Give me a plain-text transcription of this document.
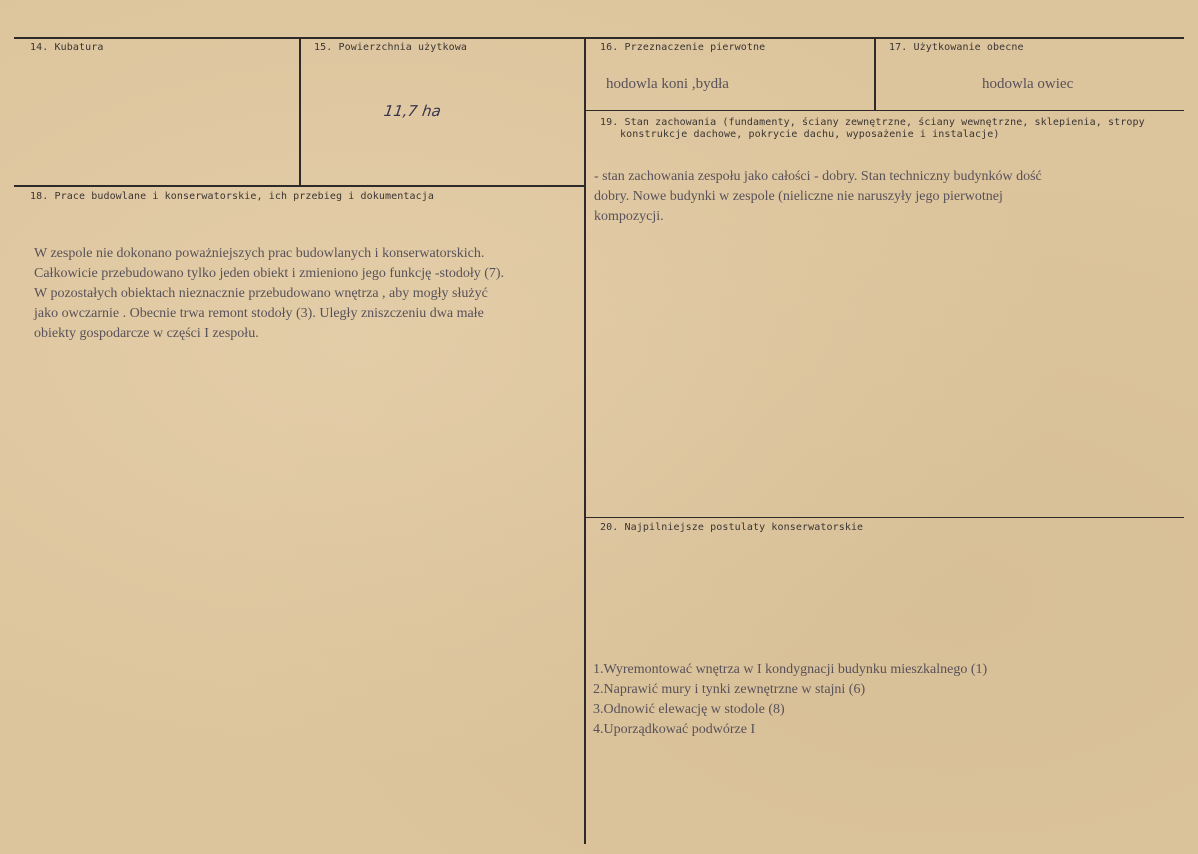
14. Kubatura	15. Powierzchnia użytkowa
11,7 ha
16. Przeznaczenie pierwotne
hodowla koni ,bydła
17. Użytkowanie obecne
hodowla owiec
18. Prace budowlane i konserwatorskie, ich przebieg i dokumentacja
W zespole nie dokonano poważniejszych prac budowlanych i konserwatorskich.
Całkowicie przebudowano tylko jeden obiekt i zmieniono jego funkcję -stodoły (7).
W pozostałych obiektach nieznacznie przebudowano wnętrza , aby mogły służyć
jako owczarnie . Obecnie trwa remont stodoły (3). Uległy zniszczeniu dwa małe
obiekty gospodarcze w części I zespołu.
19. Stan zachowania (fundamenty, ściany zewnętrzne, ściany wewnętrzne, sklepienia, stropy
konstrukcje dachowe, pokrycie dachu, wyposażenie i instalacje)
- stan zachowania zespołu jako całości - dobry. Stan techniczny budynków dość
dobry. Nowe budynki w zespole (nieliczne nie naruszyły jego pierwotnej
kompozycji.
20. Najpilniejsze postulaty konserwatorskie
1.Wyremontować wnętrza w I kondygnacji budynku mieszkalnego (1)
2.Naprawić mury i tynki zewnętrzne w stajni (6)
3.Odnowić elewację w stodole (8)
4.Uporządkować podwórze I
